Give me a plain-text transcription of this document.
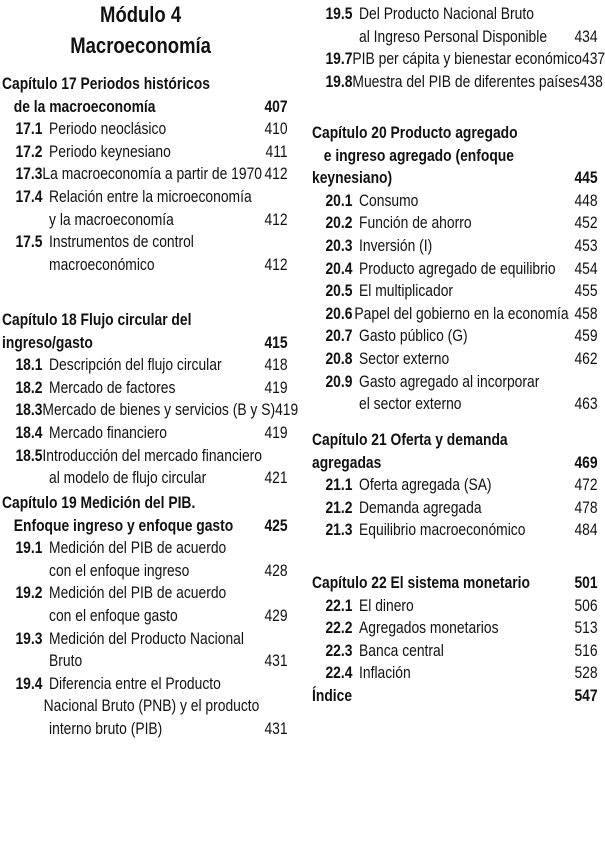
Módulo 4
Macroeconomía
Capítulo 17 Periodos históricos
de la macroeconomía	407
17.1 Periodo neoclásico	410
17.2 Periodo keynesiano	411
17.3 La macroeconomía a partir de 1970 412
17.4 Relación entre la microeconomía
y la macroeconomía	412
17.5 Instrumentos de control
macroeconómico	412
Capítulo 18 Flujo circular del
ingreso/gasto	415
18.1 Descripción del flujo circular	418
18.2 Mercado de factores	419
18.3 Mercado de bienes y servicios (B y S) 419
18.4 Mercado financiero	419
18.5 Introducción del mercado financiero
al modelo de flujo circular	421
Capítulo 19 Medición del PIB.
Enfoque ingreso y enfoque gasto	425
19.1 Medición del PIB de acuerdo
con el enfoque ingreso	428
19.2 Medición del PIB de acuerdo
con el enfoque gasto	429
19.3 Medición del Producto Nacional
Bruto	431
19.4 Diferencia entre el Producto
Nacional Bruto (PNB) y el producto
interno bruto (PIB)	431
19.5 Del Producto Nacional Bruto
al Ingreso Personal Disponible	434
19.7 PIB per cápita y bienestar económico 437
19.8 Muestra del PIB de diferentes países 438
Capítulo 20 Producto agregado
e ingreso agregado (enfoque
keynesiano)	445
20.1 Consumo	448
20.2 Función de ahorro	452
20.3 Inversión (I)	453
20.4 Producto agregado de equilibrio	454
20.5 El multiplicador	455
20.6 Papel del gobierno en la economía 458
20.7 Gasto público (G)	459
20.8 Sector externo	462
20.9 Gasto agregado al incorporar
el sector externo	463
Capítulo 21 Oferta y demanda
agregadas	469
21.1 Oferta agregada (SA)	472
21.2 Demanda agregada	478
21.3 Equilibrio macroeconómico	484
Capítulo 22 El sistema monetario	501
22.1 El dinero	506
22.2 Agregados monetarios	513
22.3 Banca central	516
22.4 Inflación	528
Índice	547
